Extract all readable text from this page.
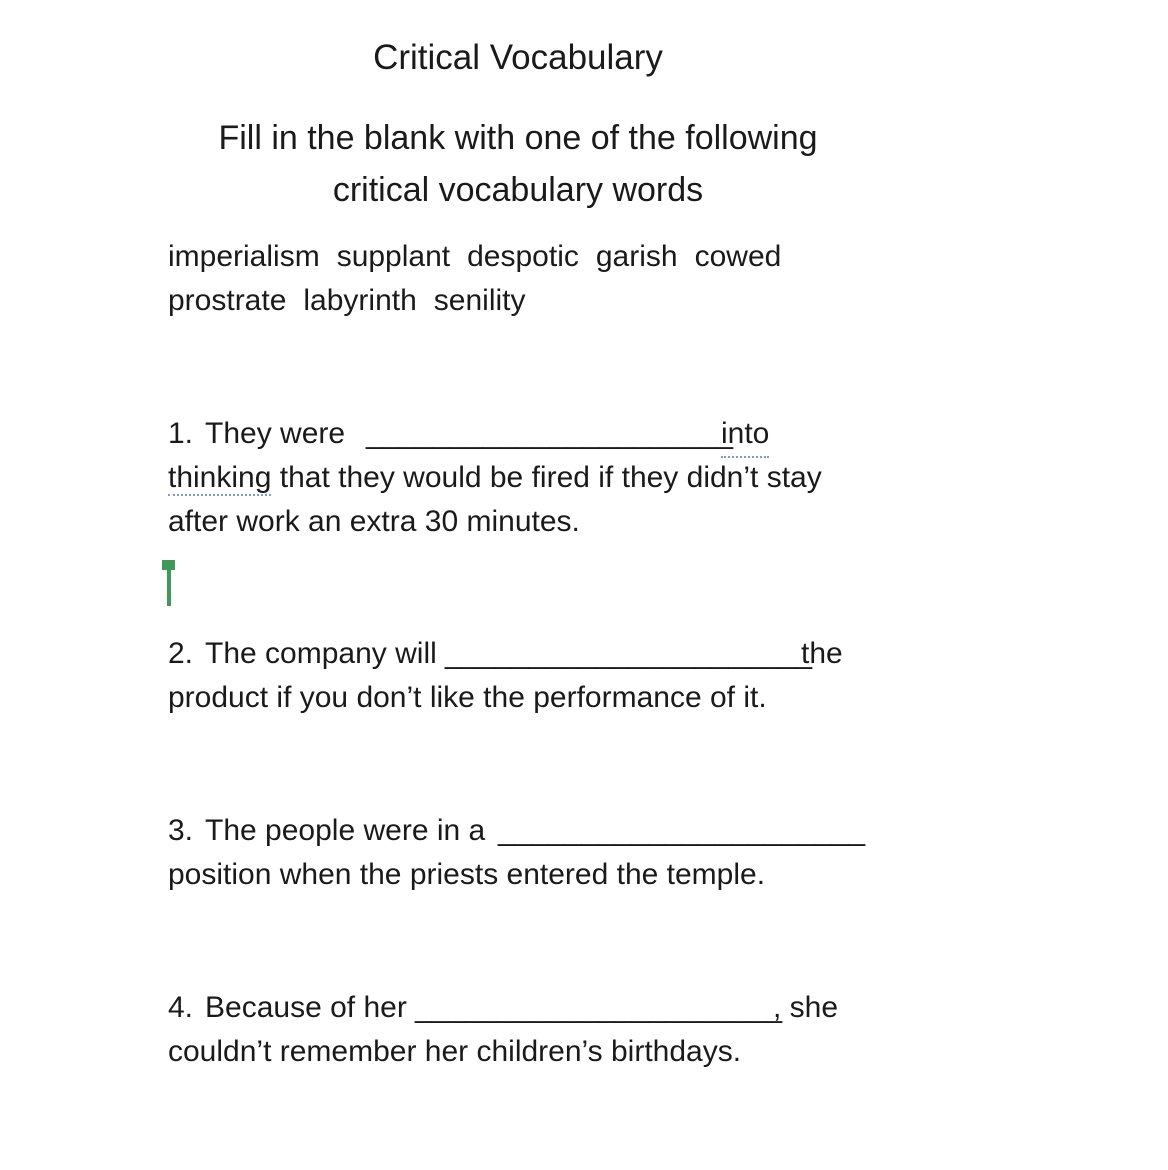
Critical Vocabulary
Fill in the blank with one of the following
critical vocabulary words
imperialism supplant despotic garish cowed
prostrate labyrinth senility
1. They were ______________________
into
thinking that they would be fired if they didn’t stay
after work an extra 30 minutes.
2. The company will ______________________
the
product if you don’t like the performance of it.
3. The people were in a ______________________
position when the priests entered the temple.
4. Because of her ______________________
, she
couldn’t remember her children’s birthdays.
